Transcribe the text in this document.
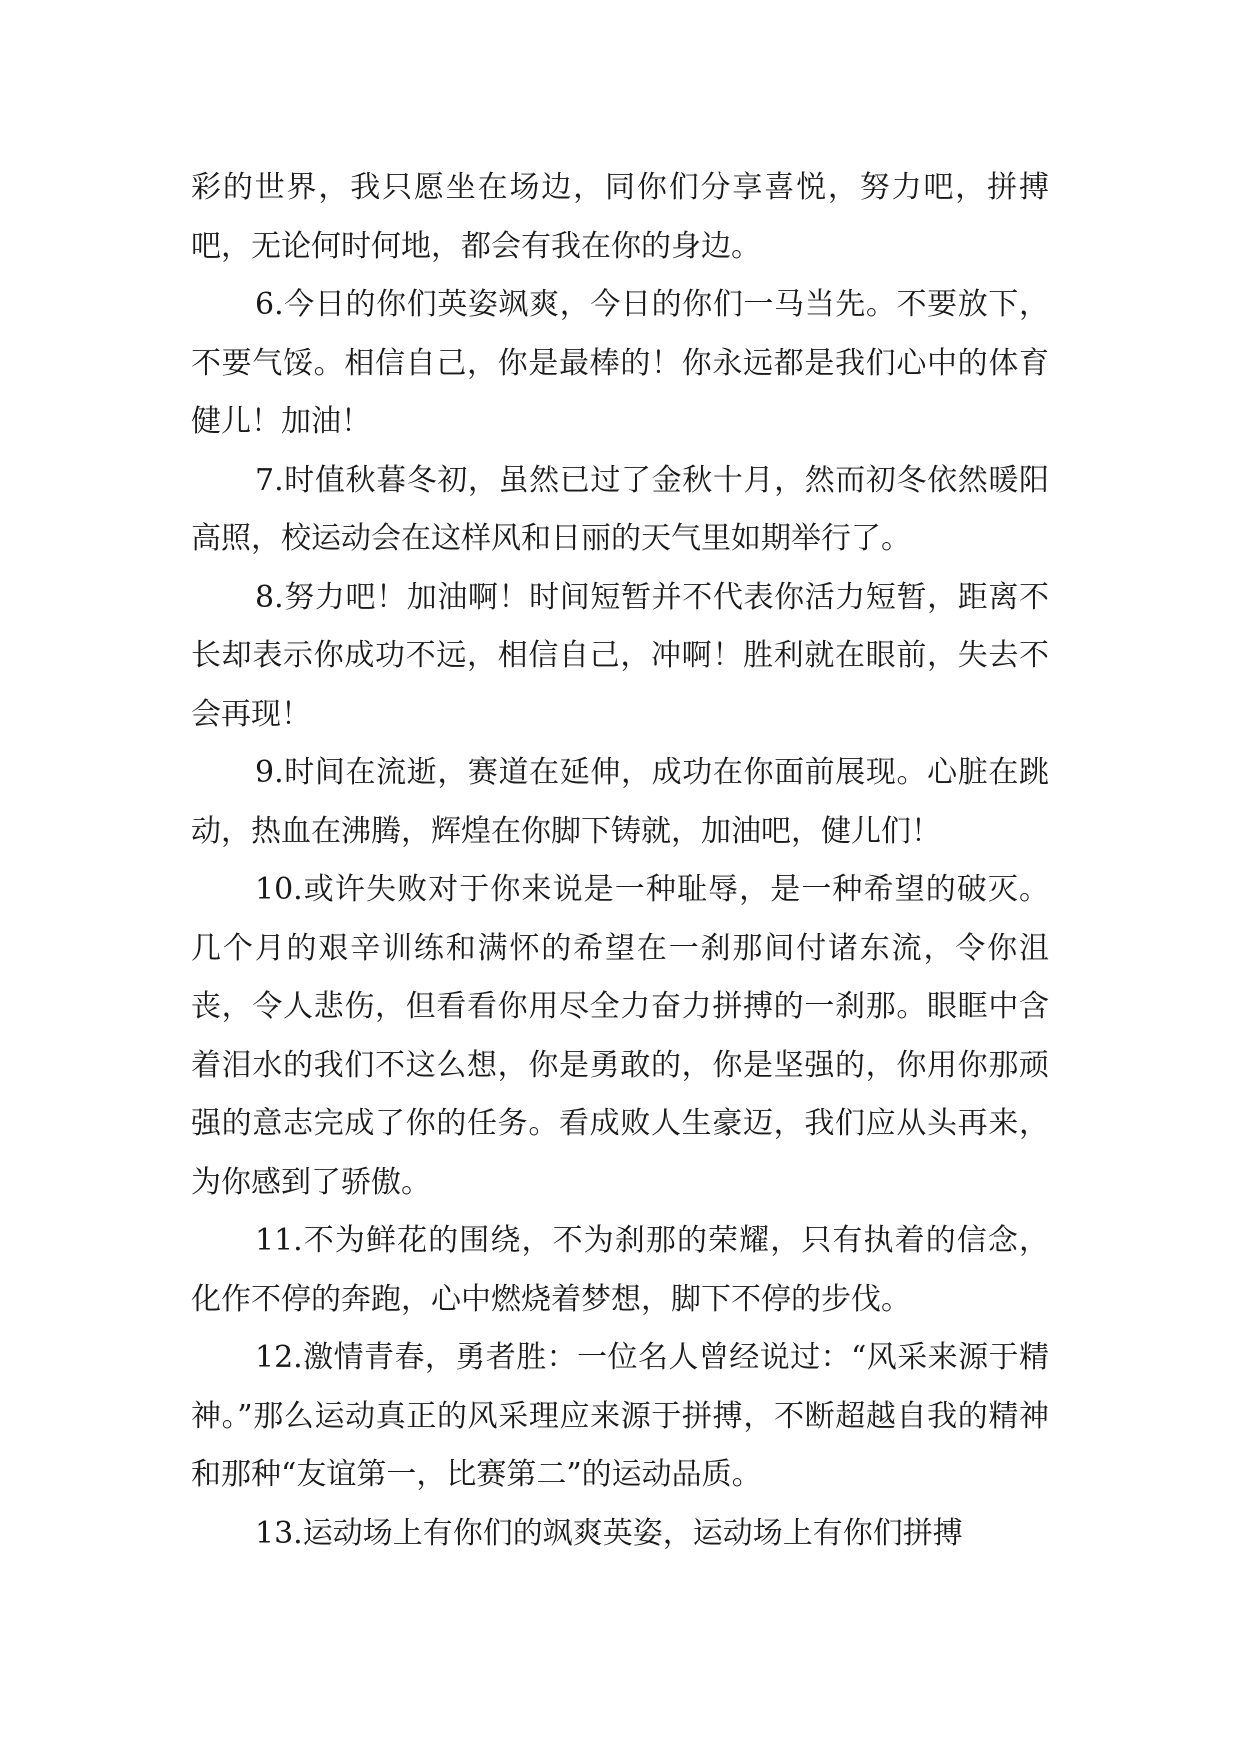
彩的世界，我只愿坐在场边，同你们分享喜悦，努力吧，拼搏吧，无论何时何地，都会有我在你的身边。

6.今日的你们英姿飒爽，今日的你们一马当先。不要放下，不要气馁。相信自己，你是最棒的！你永远都是我们心中的体育健儿！加油！

7.时值秋暮冬初，虽然已过了金秋十月，然而初冬依然暖阳高照，校运动会在这样风和日丽的天气里如期举行了。

8.努力吧！加油啊！时间短暂并不代表你活力短暂，距离不长却表示你成功不远，相信自己，冲啊！胜利就在眼前，失去不会再现！

9.时间在流逝，赛道在延伸，成功在你面前展现。心脏在跳动，热血在沸腾，辉煌在你脚下铸就，加油吧，健儿们！

10.或许失败对于你来说是一种耻辱，是一种希望的破灭。几个月的艰辛训练和满怀的希望在一刹那间付诸东流，令你沮丧，令人悲伤，但看看你用尽全力奋力拼搏的一刹那。眼眶中含着泪水的我们不这么想，你是勇敢的，你是坚强的，你用你那顽强的意志完成了你的任务。看成败人生豪迈，我们应从头再来，为你感到了骄傲。

11.不为鲜花的围绕，不为刹那的荣耀，只有执着的信念，化作不停的奔跑，心中燃烧着梦想，脚下不停的步伐。

12.激情青春，勇者胜：一位名人曾经说过：“风采来源于精神。”那么运动真正的风采理应来源于拼搏，不断超越自我的精神和那种“友谊第一，比赛第二”的运动品质。

13.运动场上有你们的飒爽英姿，运动场上有你们拼搏
